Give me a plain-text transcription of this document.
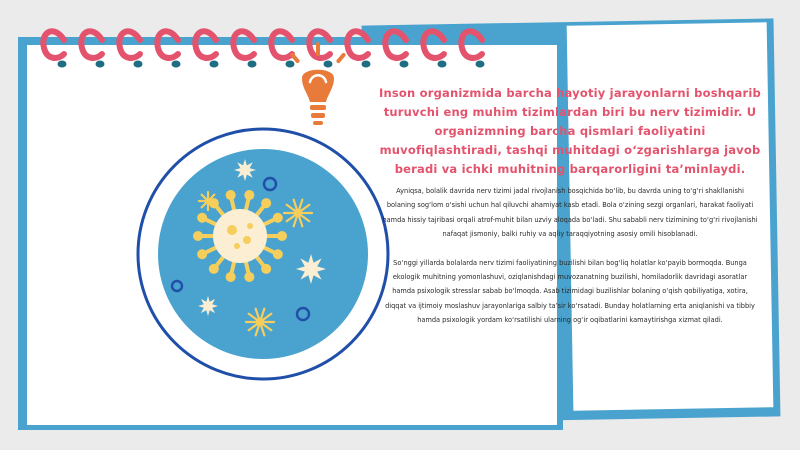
Inson organizmida barcha hayotiy jarayonlarni boshqarib turuvchi eng muhim tizimlardan biri bu nerv tizimidir. U organizmning barcha qismlari faoliyatini muvofiqlashtiradi, tashqi muhitdagi o‘zgarishlarga javob beradi va ichki muhitning barqarorligini ta’minlaydi.

Ayniqsa, bolalik davrida nerv tizimi jadal rivojlanish bosqichida bo‘lib, bu davrda uning to‘g‘ri shakllanishi bolaning sog‘lom o‘sishi uchun hal qiluvchi ahamiyat kasb etadi. Bola o‘zining sezgi organlari, harakat faoliyati hamda hissiy tajribasi orqali atrof-muhit bilan uzviy aloqada bo‘ladi. Shu sababli nerv tizimining to‘g‘ri rivojlanishi nafaqat jismoniy, balki ruhiy va aqliy taraqqiyotning asosiy omili hisoblanadi.

So‘nggi yillarda bolalarda nerv tizimi faoliyatining buzilishi bilan bog‘liq holatlar ko‘payib bormoqda. Bunga ekologik muhitning yomonlashuvi, oziqlanishdagi muvozanatning buzilishi, homiladorlik davridagi asoratlar hamda psixologik stresslar sabab bo‘lmoqda. Asab tizimidagi buzilishlar bolaning o‘qish qobiliyatiga, xotira, diqqat va ijtimoiy moslashuv jarayonlariga salbiy ta’sir ko‘rsatadi. Bunday holatlarning erta aniqlanishi va tibbiy hamda psixologik yordam ko‘rsatilishi ularning og‘ir oqibatlarini kamaytirishga xizmat qiladi.
